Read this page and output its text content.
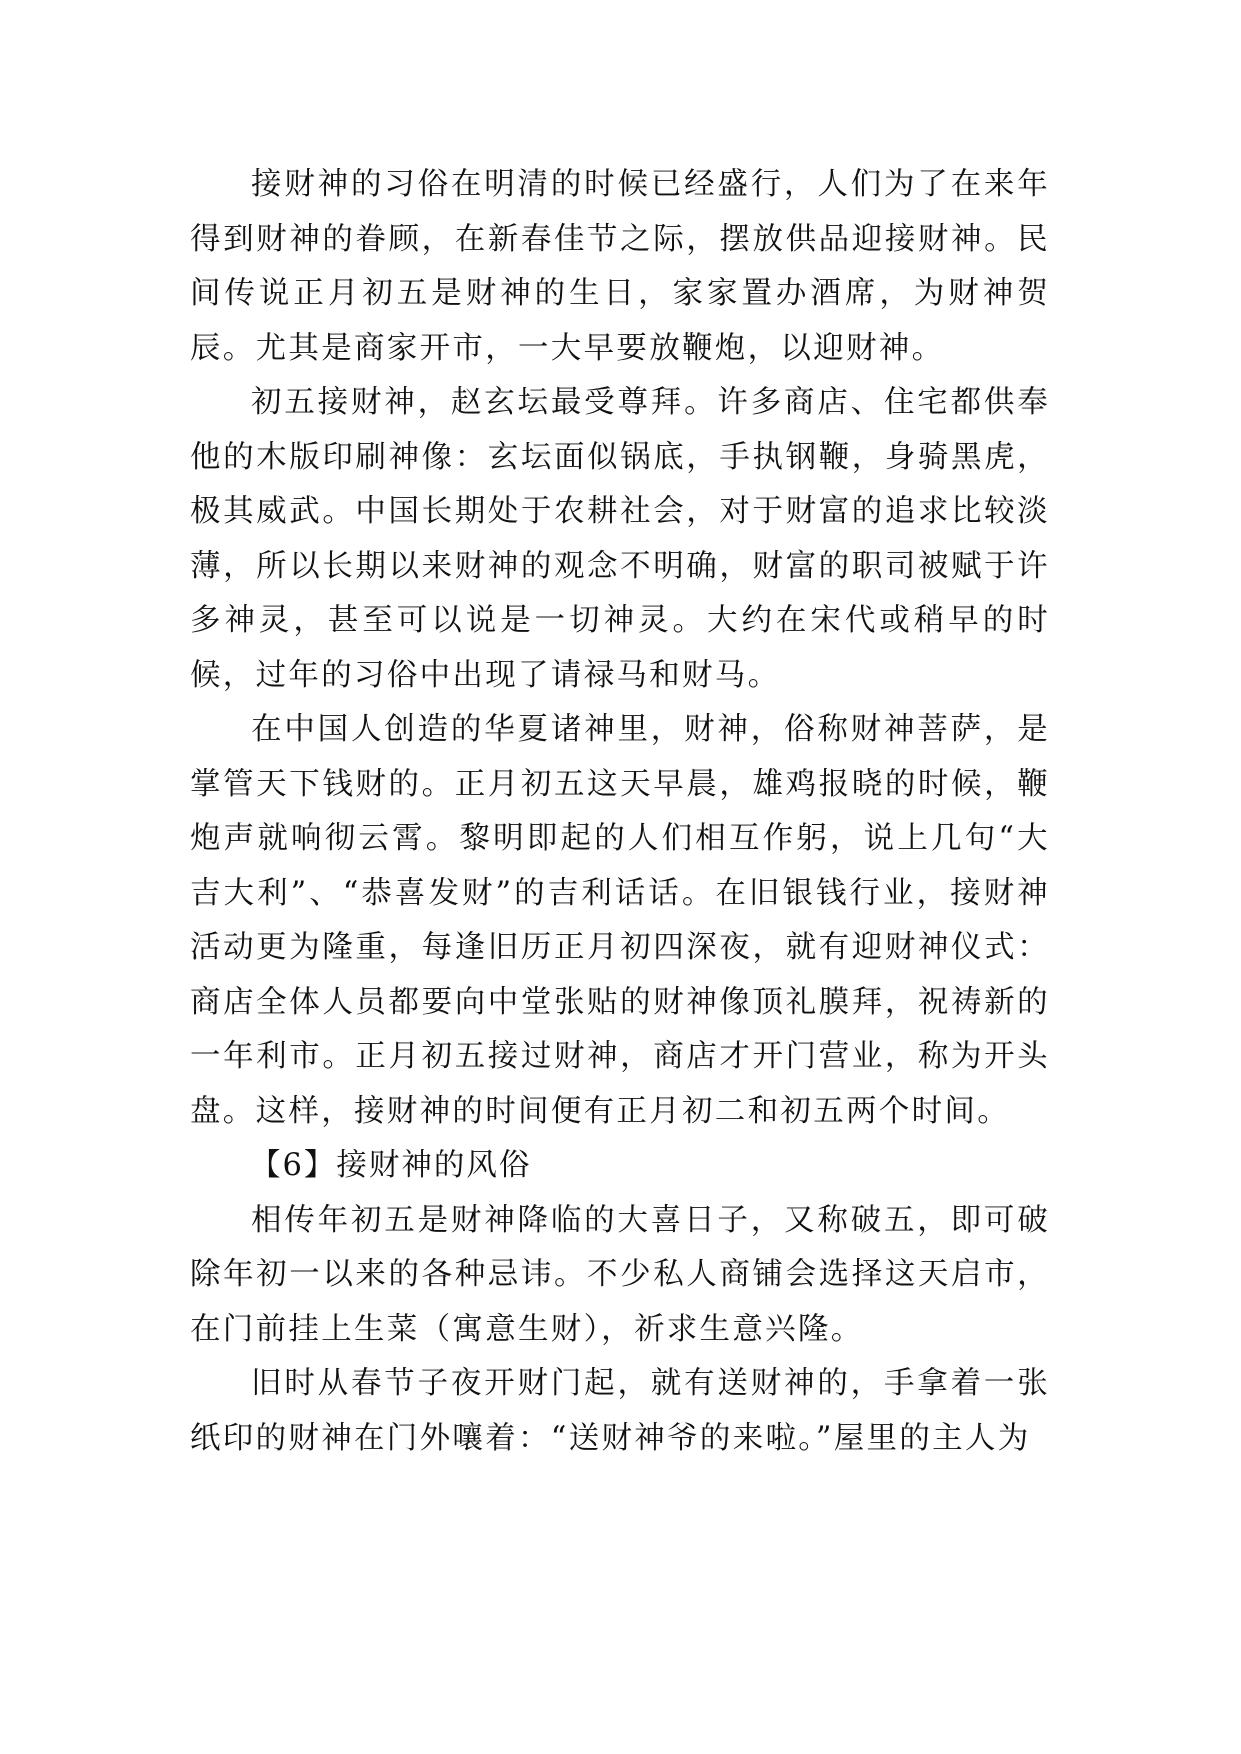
接财神的习俗在明清的时候已经盛行，人们为了在来年得到财神的眷顾，在新春佳节之际，摆放供品迎接财神。民间传说正月初五是财神的生日，家家置办酒席，为财神贺辰。尤其是商家开市，一大早要放鞭炮，以迎财神。

初五接财神，赵玄坛最受尊拜。许多商店、住宅都供奉他的木版印刷神像：玄坛面似锅底，手执钢鞭，身骑黑虎，极其威武。中国长期处于农耕社会，对于财富的追求比较淡薄，所以长期以来财神的观念不明确，财富的职司被赋于许多神灵，甚至可以说是一切神灵。大约在宋代或稍早的时候，过年的习俗中出现了请禄马和财马。

在中国人创造的华夏诸神里，财神，俗称财神菩萨，是掌管天下钱财的。正月初五这天早晨，雄鸡报晓的时候，鞭炮声就响彻云霄。黎明即起的人们相互作躬，说上几句“大吉大利”、“恭喜发财”的吉利话话。在旧银钱行业，接财神活动更为隆重，每逢旧历正月初四深夜，就有迎财神仪式：商店全体人员都要向中堂张贴的财神像顶礼膜拜，祝祷新的一年利市。正月初五接过财神，商店才开门营业，称为开头盘。这样，接财神的时间便有正月初二和初五两个时间。

【6】接财神的风俗

相传年初五是财神降临的大喜日子，又称破五，即可破除年初一以来的各种忌讳。不少私人商铺会选择这天启市，在门前挂上生菜（寓意生财），祈求生意兴隆。

旧时从春节子夜开财门起，就有送财神的，手拿着一张纸印的财神在门外嚷着：“送财神爷的来啦。”屋里的主人为
